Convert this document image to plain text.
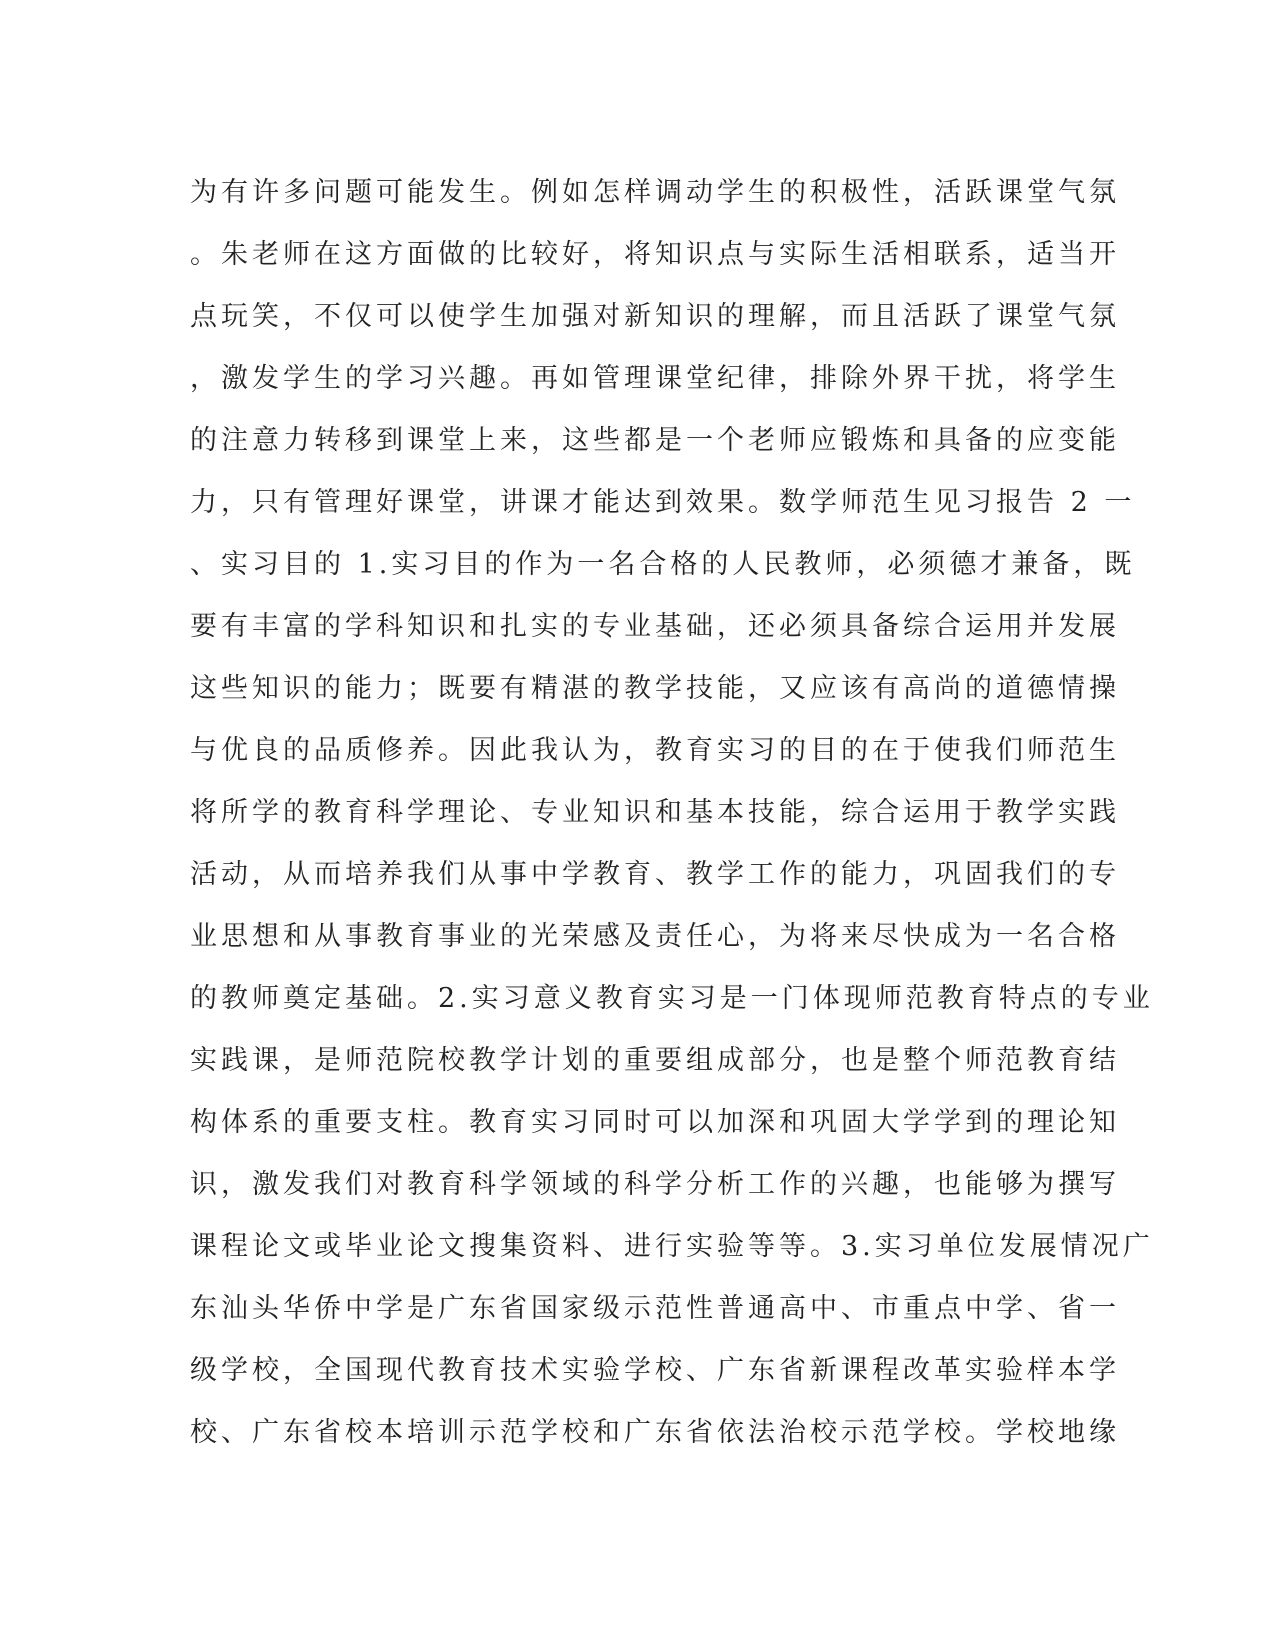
为有许多问题可能发生。例如怎样调动学生的积极性，活跃课堂气氛
。朱老师在这方面做的比较好，将知识点与实际生活相联系，适当开
点玩笑，不仅可以使学生加强对新知识的理解，而且活跃了课堂气氛
，激发学生的学习兴趣。再如管理课堂纪律，排除外界干扰，将学生
的注意力转移到课堂上来，这些都是一个老师应锻炼和具备的应变能
力，只有管理好课堂，讲课才能达到效果。数学师范生见习报告 2 一
、实习目的 1.实习目的作为一名合格的人民教师，必须德才兼备，既
要有丰富的学科知识和扎实的专业基础，还必须具备综合运用并发展
这些知识的能力；既要有精湛的教学技能，又应该有高尚的道德情操
与优良的品质修养。因此我认为，教育实习的目的在于使我们师范生
将所学的教育科学理论、专业知识和基本技能，综合运用于教学实践
活动，从而培养我们从事中学教育、教学工作的能力，巩固我们的专
业思想和从事教育事业的光荣感及责任心，为将来尽快成为一名合格
的教师奠定基础。2.实习意义教育实习是一门体现师范教育特点的专业
实践课，是师范院校教学计划的重要组成部分，也是整个师范教育结
构体系的重要支柱。教育实习同时可以加深和巩固大学学到的理论知
识，激发我们对教育科学领域的科学分析工作的兴趣，也能够为撰写
课程论文或毕业论文搜集资料、进行实验等等。3.实习单位发展情况广
东汕头华侨中学是广东省国家级示范性普通高中、市重点中学、省一
级学校，全国现代教育技术实验学校、广东省新课程改革实验样本学
校、广东省校本培训示范学校和广东省依法治校示范学校。学校地缘
